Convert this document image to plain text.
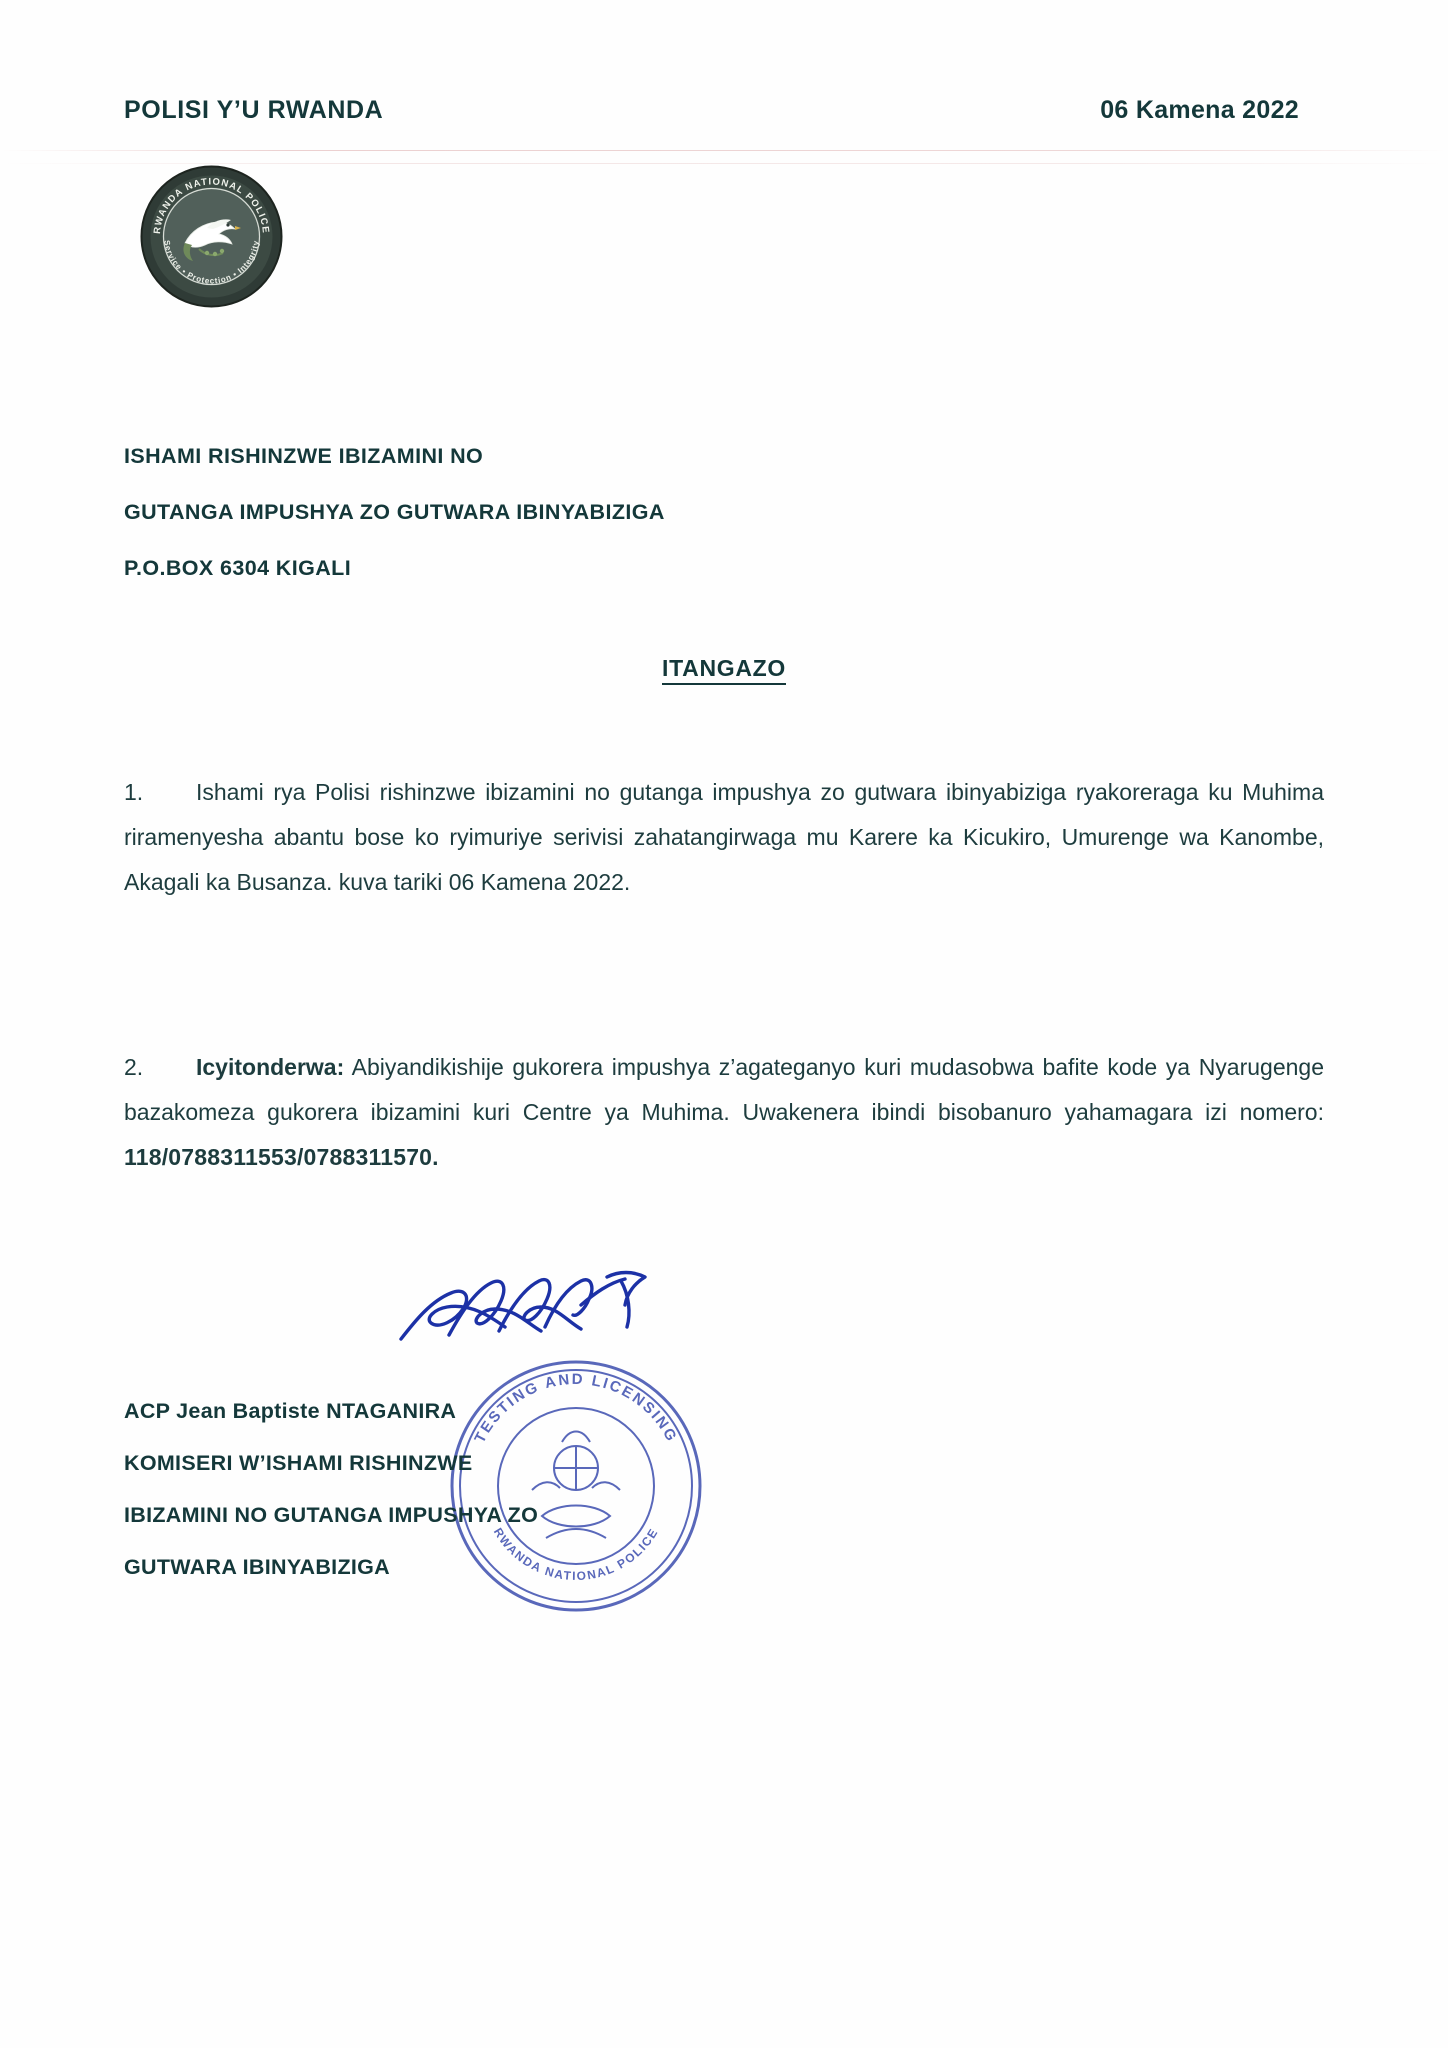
POLISI Y’U RWANDA	06 Kamena 2022
RWANDA NATIONAL POLICE
Service • Protection • Integrity
ISHAMI RISHINZWE IBIZAMINI NO
GUTANGA IMPUSHYA ZO GUTWARA IBINYABIZIGA
P.O.BOX 6304 KIGALI
ITANGAZO
1. Ishami rya Polisi rishinzwe ibizamini no gutanga impushya zo gutwara ibinyabiziga ryakoreraga ku Muhima riramenyesha abantu bose ko ryimuriye serivisi zahatangirwaga mu Karere ka Kicukiro, Umurenge wa Kanombe, Akagali ka Busanza. kuva tariki 06 Kamena 2022.
2. Icyitonderwa: Abiyandikishije gukorera impushya z’agateganyo kuri mudasobwa bafite kode ya Nyarugenge bazakomeza gukorera ibizamini kuri Centre ya Muhima. Uwakenera ibindi bisobanuro yahamagara izi nomero: 118/0788311553/0788311570.
TESTING AND LICENSING
RWANDA NATIONAL POLICE
ACP Jean Baptiste NTAGANIRA
KOMISERI W’ISHAMI RISHINZWE
IBIZAMINI NO GUTANGA IMPUSHYA ZO
GUTWARA IBINYABIZIGA
